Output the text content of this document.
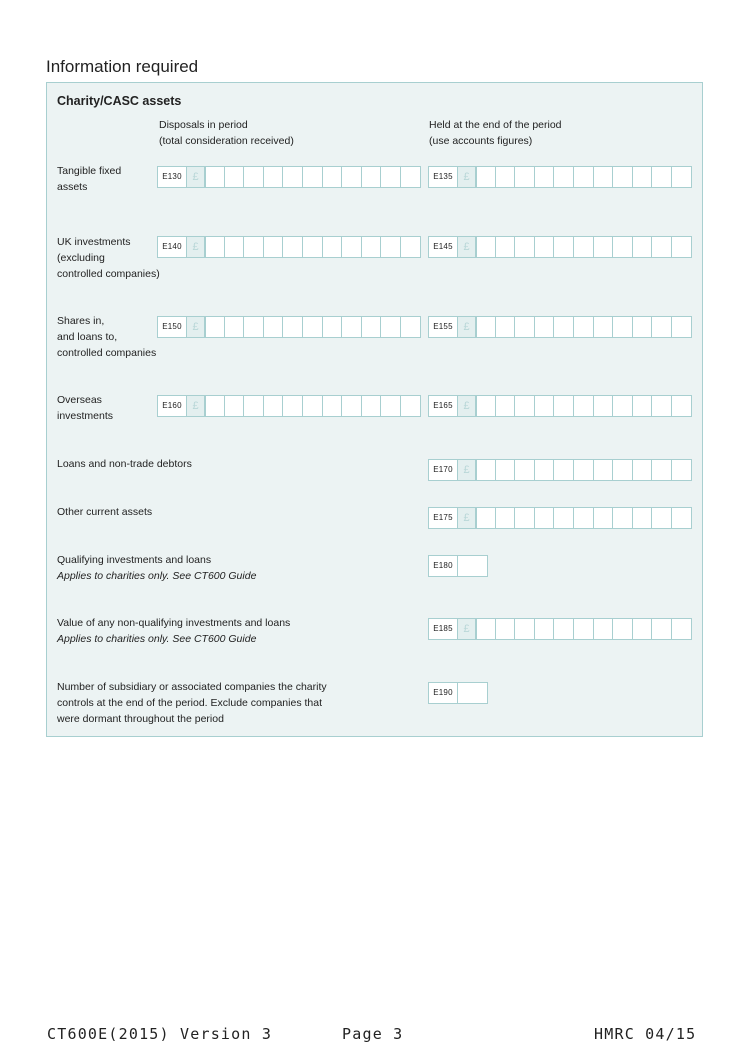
Information required
Charity/CASC assets
Disposals in period
(total consideration received)
Held at the end of the period
(use accounts figures)
Tangible fixed
assets
E130 £	E135 £
UK investments
(excluding
controlled companies)
E140 £	E145 £
Shares in,
and loans to,
controlled companies
E150 £	E155 £
Overseas
investments
E160 £	E165 £
Loans and non-trade debtors	E170 £
Other current assets	E175 £
Qualifying investments and loans
Applies to charities only. See CT600 Guide
E180
Value of any non-qualifying investments and loans
Applies to charities only. See CT600 Guide
E185 £
Number of subsidiary or associated companies the charity
controls at the end of the period. Exclude companies that
were dormant throughout the period
E190
CT600E(2015) Version 3	Page 3	HMRC 04/15
